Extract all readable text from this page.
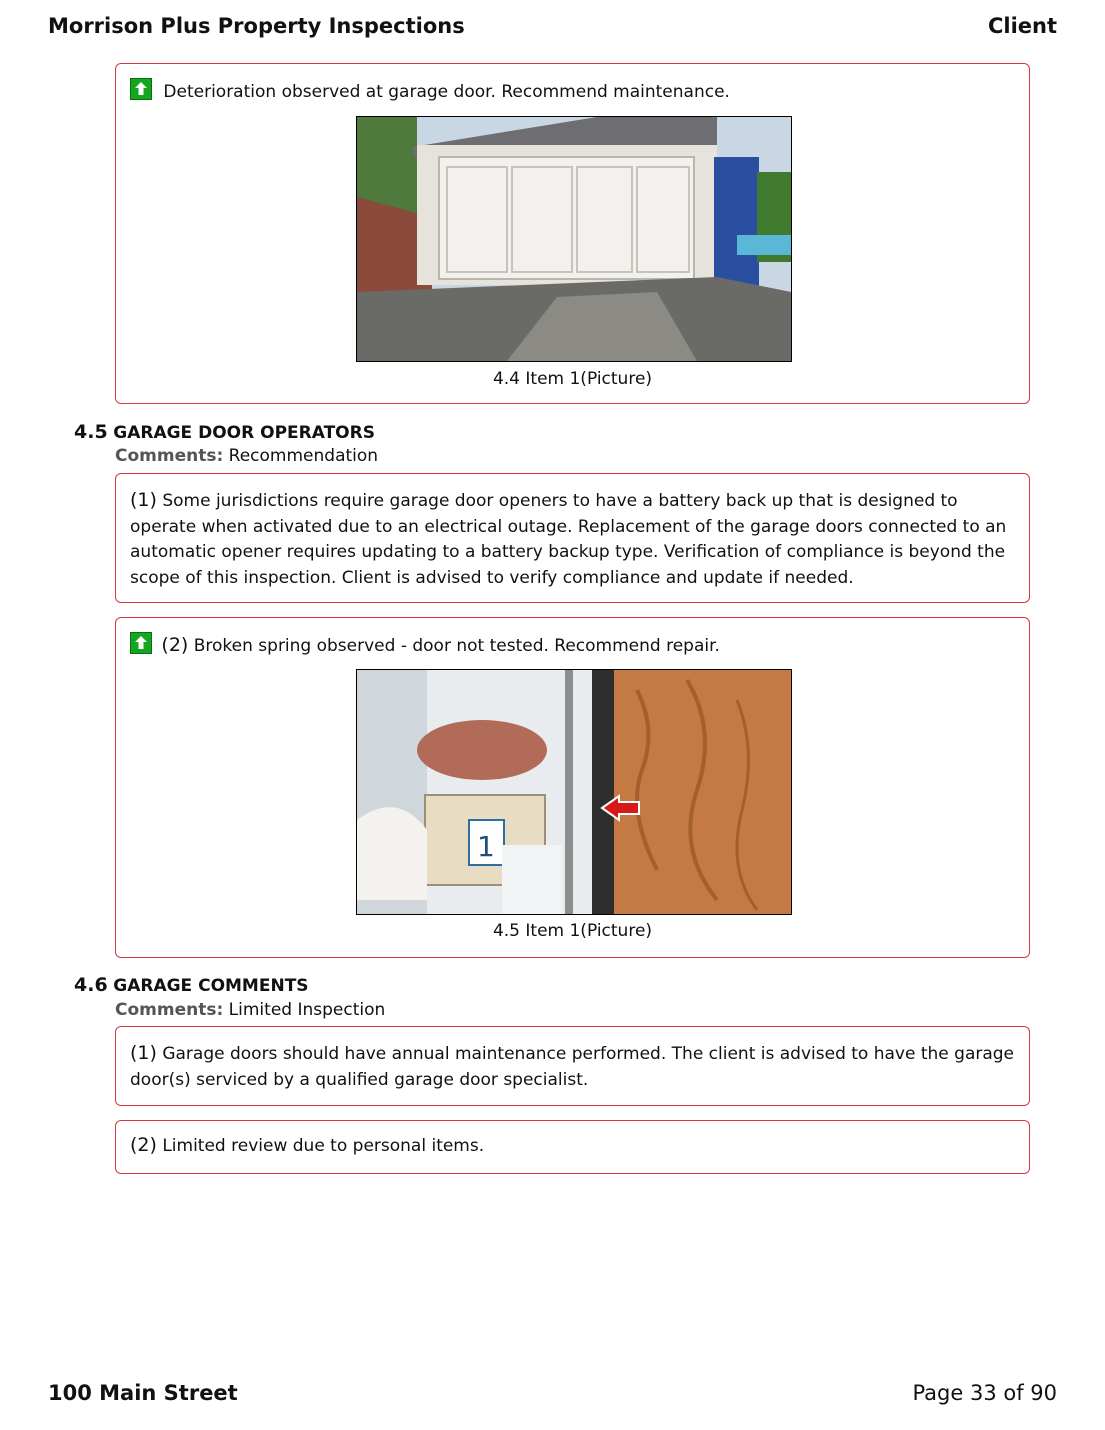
Morrison Plus Property Inspections	Client

Deterioration observed at garage door. Recommend maintenance.

4.4 Item 1(Picture)
4.5 GARAGE DOOR OPERATORS
Comments: Recommendation

(1) Some jurisdictions require garage door openers to have a battery back up that is designed to operate when activated due to an electrical outage. Replacement of the garage doors connected to an automatic opener requires updating to a battery backup type. Verification of compliance is beyond the scope of this inspection. Client is advised to verify compliance and update if needed.

(2) Broken spring observed - door not tested. Recommend repair.

1
4.5 Item 1(Picture)
4.6 GARAGE COMMENTS
Comments: Limited Inspection

(1) Garage doors should have annual maintenance performed. The client is advised to have the garage door(s) serviced by a qualified garage door specialist.

(2) Limited review due to personal items.

100 Main Street	Page 33 of 90
